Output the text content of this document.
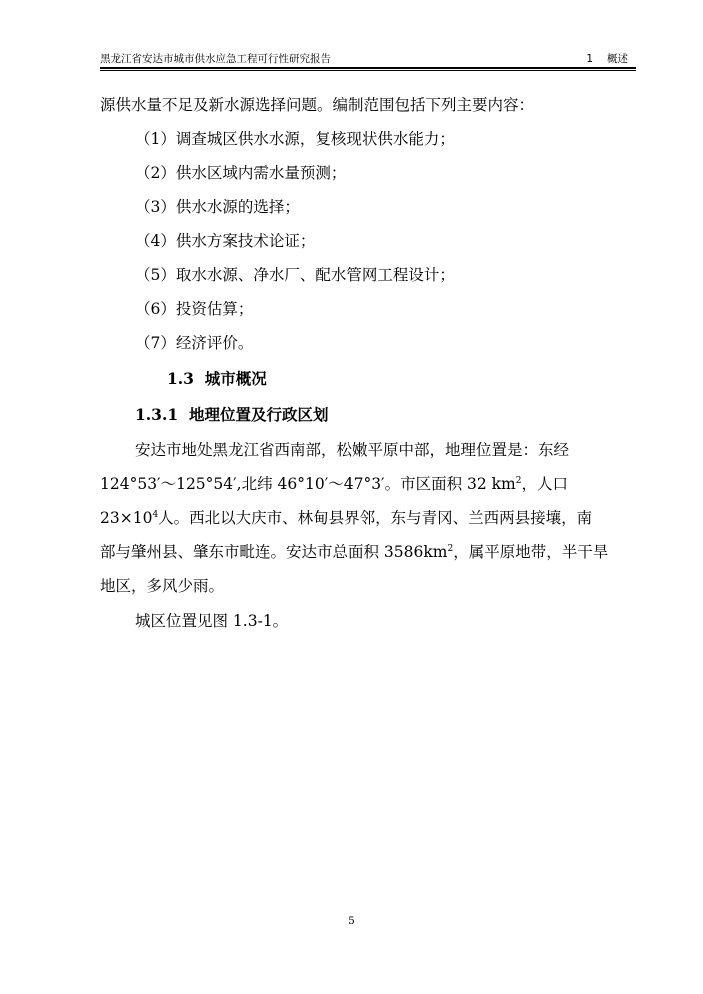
黑龙江省安达市城市供水应急工程可行性研究报告	1 概述
源供水量不足及新水源选择问题。编制范围包括下列主要内容：
（1）调查城区供水水源，复核现状供水能力；
（2）供水区域内需水量预测；
（3）供水水源的选择；
（4）供水方案技术论证；
（5）取水水源、净水厂、配水管网工程设计；
（6）投资估算；
（7）经济评价。
1.3 城市概况
1.3.1 地理位置及行政区划
安达市地处黑龙江省西南部，松嫩平原中部，地理位置是：东经
124°53′～125°54′,北纬 46°10′～47°3′。市区面积 32 $km^2$，人口
$23\times 10^4$人。西北以大庆市、林甸县界邻，东与青冈、兰西两县接壤，南
部与肇州县、肇东市毗连。安达市总面积 $3586km^2$，属平原地带，半干旱
地区，多风少雨。
城区位置见图 1.3-1。
5
